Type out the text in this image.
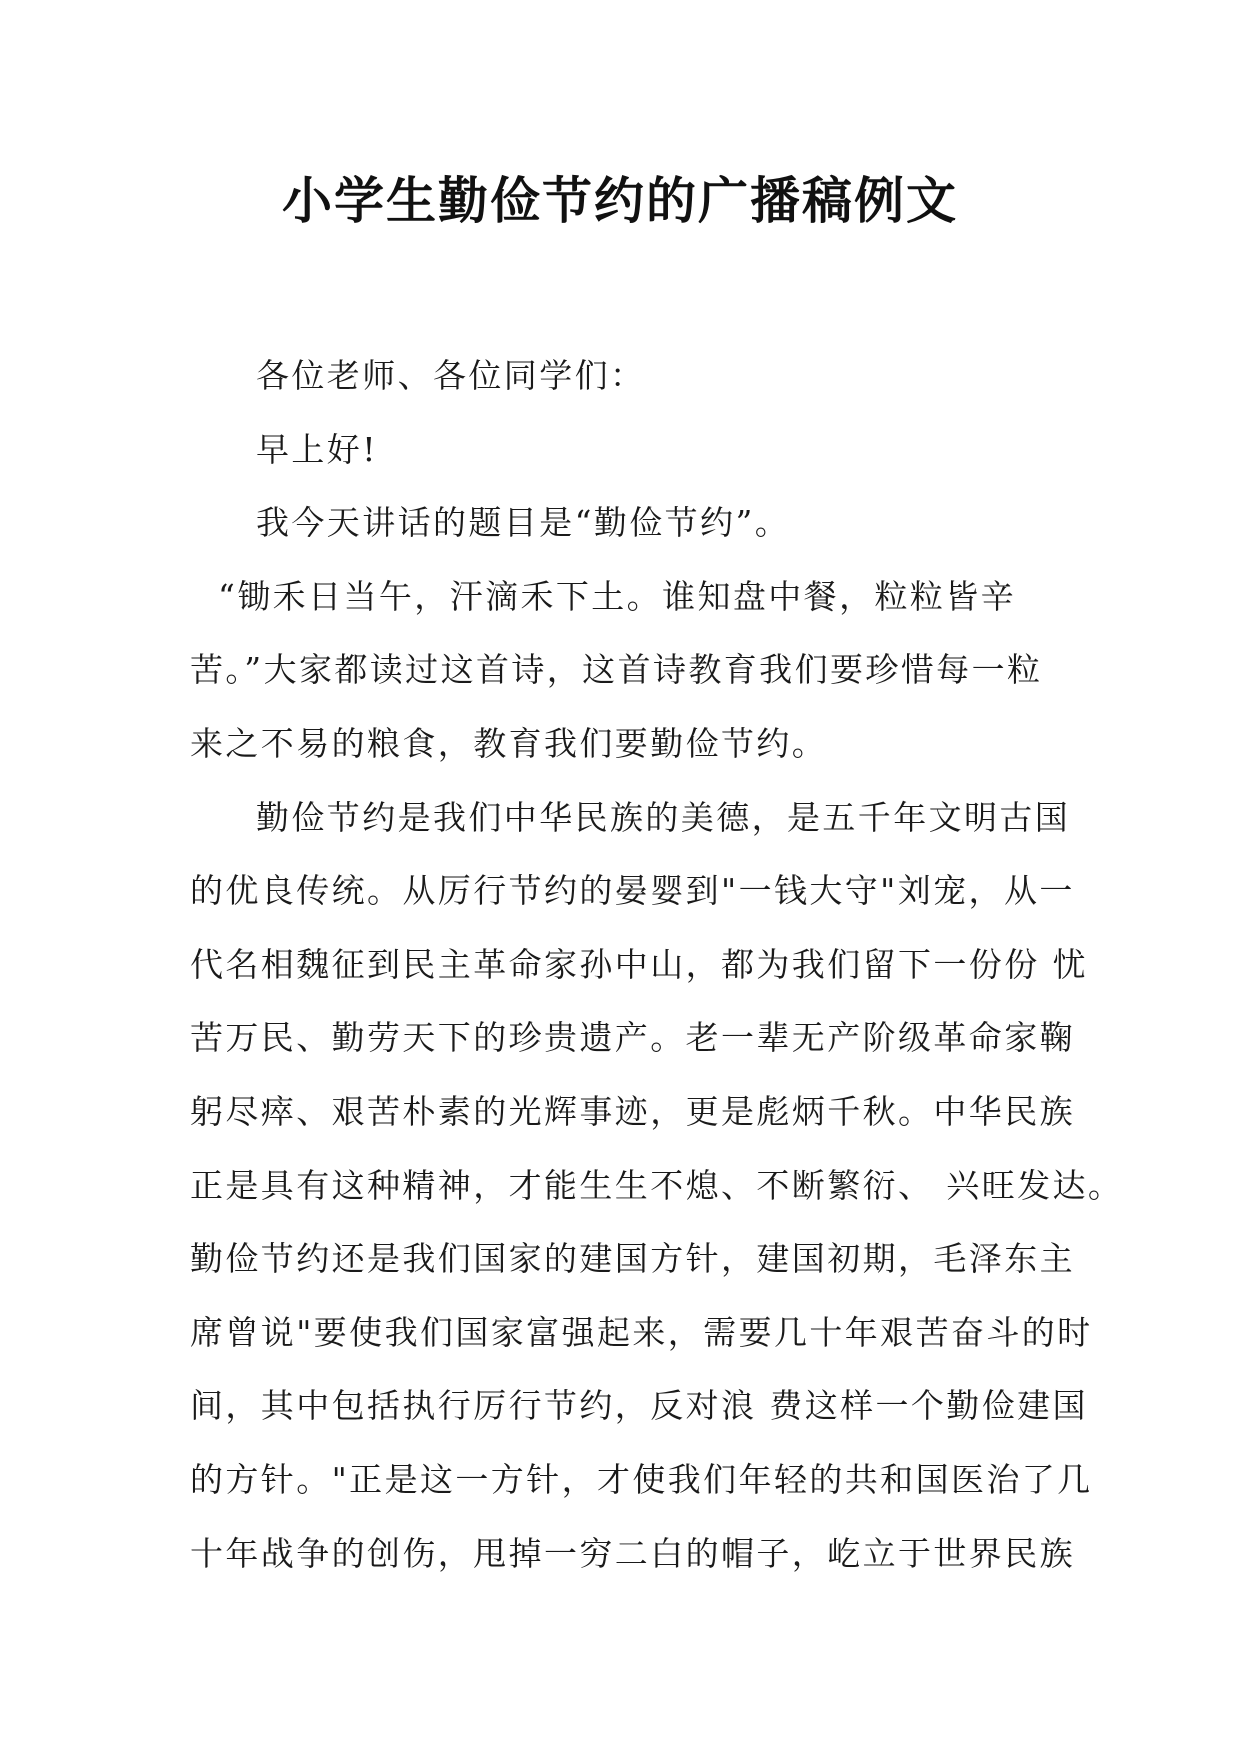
小学生勤俭节约的广播稿例文
各位老师、各位同学们：
早上好!
我今天讲话的题目是“勤俭节约”。
“锄禾日当午，汗滴禾下土。谁知盘中餐，粒粒皆辛
苦。”大家都读过这首诗，这首诗教育我们要珍惜每一粒
来之不易的粮食，教育我们要勤俭节约。
勤俭节约是我们中华民族的美德，是五千年文明古国
的优良传统。从厉行节约的晏婴到"一钱大守"刘宠，从一
代名相魏征到民主革命家孙中山，都为我们留下一份份 忧
苦万民、勤劳天下的珍贵遗产。老一辈无产阶级革命家鞠
躬尽瘁、艰苦朴素的光辉事迹，更是彪炳千秋。中华民族
正是具有这种精神，才能生生不熄、不断繁衍、 兴旺发达。
勤俭节约还是我们国家的建国方针，建国初期，毛泽东主
席曾说"要使我们国家富强起来，需要几十年艰苦奋斗的时
间，其中包括执行厉行节约，反对浪 费这样一个勤俭建国
的方针。"正是这一方针，才使我们年轻的共和国医治了几
十年战争的创伤，甩掉一穷二白的帽子，屹立于世界民族
